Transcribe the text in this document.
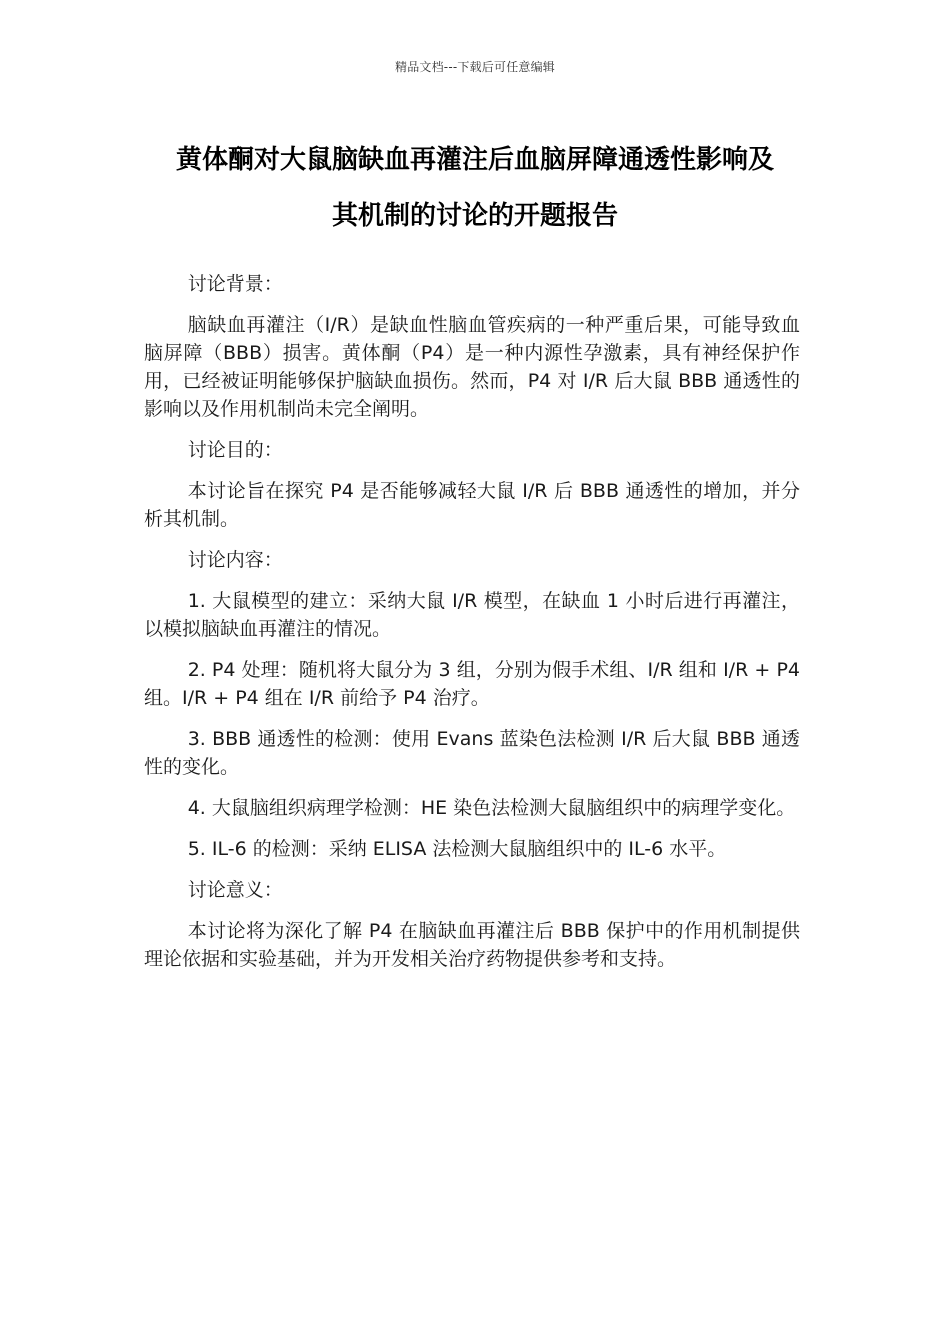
精品文档---下载后可任意编辑
黄体酮对大鼠脑缺血再灌注后血脑屏障通透性影响及
其机制的讨论的开题报告

讨论背景：

脑缺血再灌注（I/R）是缺血性脑血管疾病的一种严重后果，可能导致血脑屏障（BBB）损害。黄体酮（P4）是一种内源性孕激素，具有神经保护作用，已经被证明能够保护脑缺血损伤。然而，P4 对 I/R 后大鼠 BBB 通透性的影响以及作用机制尚未完全阐明。

讨论目的：

本讨论旨在探究 P4 是否能够减轻大鼠 I/R 后 BBB 通透性的增加，并分析其机制。

讨论内容：

1. 大鼠模型的建立：采纳大鼠 I/R 模型，在缺血 1 小时后进行再灌注，以模拟脑缺血再灌注的情况。

2. P4 处理：随机将大鼠分为 3 组，分别为假手术组、I/R 组和 I/R + P4 组。I/R + P4 组在 I/R 前给予 P4 治疗。

3. BBB 通透性的检测：使用 Evans 蓝染色法检测 I/R 后大鼠 BBB 通透性的变化。

4. 大鼠脑组织病理学检测：HE 染色法检测大鼠脑组织中的病理学变化。

5. IL-6 的检测：采纳 ELISA 法检测大鼠脑组织中的 IL-6 水平。

讨论意义：

本讨论将为深化了解 P4 在脑缺血再灌注后 BBB 保护中的作用机制提供理论依据和实验基础，并为开发相关治疗药物提供参考和支持。
